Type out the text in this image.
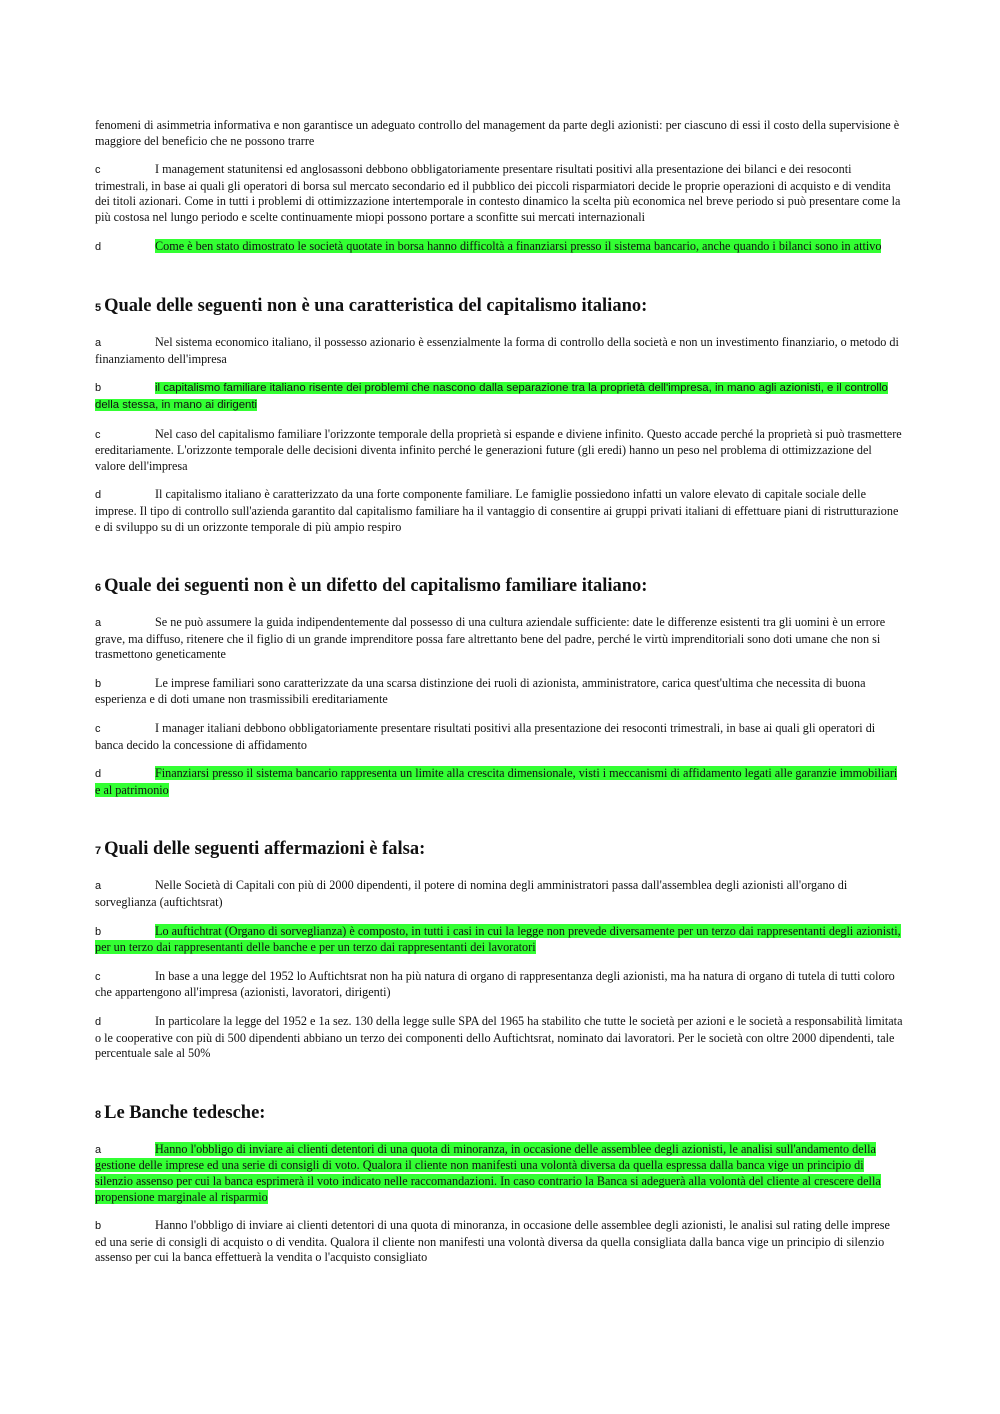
fenomeni di asimmetria informativa e non garantisce un adeguato controllo del management da parte degli azionisti: per ciascuno di essi il costo della supervisione è maggiore del beneficio che ne possono trarre

c	I management statunitensi ed anglosassoni debbono obbligatoriamente presentare risultati positivi alla presentazione dei bilanci e dei resoconti trimestrali, in base ai quali gli operatori di borsa sul mercato secondario ed il pubblico dei piccoli risparmiatori decide le proprie operazioni di acquisto e di vendita dei titoli azionari. Come in tutti i problemi di ottimizzazione intertemporale in contesto dinamico la scelta più economica nel breve periodo si può presentare come la più costosa nel lungo periodo e scelte continuamente miopi possono portare a sconfitte sui mercati internazionali

d	Come è ben stato dimostrato le società quotate in borsa hanno difficoltà a finanziarsi presso il sistema bancario, anche quando i bilanci sono in attivo

5 Quale delle seguenti non è una caratteristica del capitalismo italiano:

a	Nel sistema economico italiano, il possesso azionario è essenzialmente la forma di controllo della società e non un investimento finanziario, o metodo di finanziamento dell'impresa

b	il capitalismo familiare italiano risente dei problemi che nascono dalla separazione tra la proprietà dell'impresa, in mano agli azionisti, e il controllo della stessa, in mano ai dirigenti

c	Nel caso del capitalismo familiare l'orizzonte temporale della proprietà si espande e diviene infinito. Questo accade perché la proprietà si può trasmettere ereditariamente. L'orizzonte temporale delle decisioni diventa infinito perché le generazioni future (gli eredi) hanno un peso nel problema di ottimizzazione del valore dell'impresa

d	Il capitalismo italiano è caratterizzato da una forte componente familiare. Le famiglie possiedono infatti un valore elevato di capitale sociale delle imprese. Il tipo di controllo sull'azienda garantito dal capitalismo familiare ha il vantaggio di consentire ai gruppi privati italiani di effettuare piani di ristrutturazione e di sviluppo su di un orizzonte temporale di più ampio respiro

6 Quale dei seguenti non è un difetto del capitalismo familiare italiano:

a	Se ne può assumere la guida indipendentemente dal possesso di una cultura aziendale sufficiente: date le differenze esistenti tra gli uomini è un errore grave, ma diffuso, ritenere che il figlio di un grande imprenditore possa fare altrettanto bene del padre, perché le virtù imprenditoriali sono doti umane che non si trasmettono geneticamente

b	Le imprese familiari sono caratterizzate da una scarsa distinzione dei ruoli di azionista, amministratore, carica quest'ultima che necessita di buona esperienza e di doti umane non trasmissibili ereditariamente

c	I manager italiani debbono obbligatoriamente presentare risultati positivi alla presentazione dei resoconti trimestrali, in base ai quali gli operatori di banca decido la concessione di affidamento

d	Finanziarsi presso il sistema bancario rappresenta un limite alla crescita dimensionale, visti i meccanismi di affidamento legati alle garanzie immobiliari e al patrimonio

7 Quali delle seguenti affermazioni è falsa:

a	Nelle Società di Capitali con più di 2000 dipendenti, il potere di nomina degli amministratori passa dall'assemblea degli azionisti all'organo di sorveglianza (auftichtsrat)

b	Lo auftichtrat (Organo di sorveglianza) è composto, in tutti i casi in cui la legge non prevede diversamente per un terzo dai rappresentanti degli azionisti, per un terzo dai rappresentanti delle banche e per un terzo dai rappresentanti dei lavoratori

c	In base a una legge del 1952 lo Auftichtsrat non ha più natura di organo di rappresentanza degli azionisti, ma ha natura di organo di tutela di tutti coloro che appartengono all'impresa (azionisti, lavoratori, dirigenti)

d	In particolare la legge del 1952 e 1a sez. 130 della legge sulle SPA del 1965 ha stabilito che tutte le società per azioni e le società a responsabilità limitata o le cooperative con più di 500 dipendenti abbiano un terzo dei componenti dello Auftichtsrat, nominato dai lavoratori. Per le società con oltre 2000 dipendenti, tale percentuale sale al 50%

8 Le Banche tedesche:

a	Hanno l'obbligo di inviare ai clienti detentori di una quota di minoranza, in occasione delle assemblee degli azionisti, le analisi sull'andamento della gestione delle imprese ed una serie di consigli di voto. Qualora il cliente non manifesti una volontà diversa da quella espressa dalla banca vige un principio di silenzio assenso per cui la banca esprimerà il voto indicato nelle raccomandazioni. In caso contrario la Banca si adeguerà alla volontà del cliente al crescere della propensione marginale al risparmio

b	Hanno l'obbligo di inviare ai clienti detentori di una quota di minoranza, in occasione delle assemblee degli azionisti, le analisi sul rating delle imprese ed una serie di consigli di acquisto o di vendita. Qualora il cliente non manifesti una volontà diversa da quella consigliata dalla banca vige un principio di silenzio assenso per cui la banca effettuerà la vendita o l'acquisto consigliato
